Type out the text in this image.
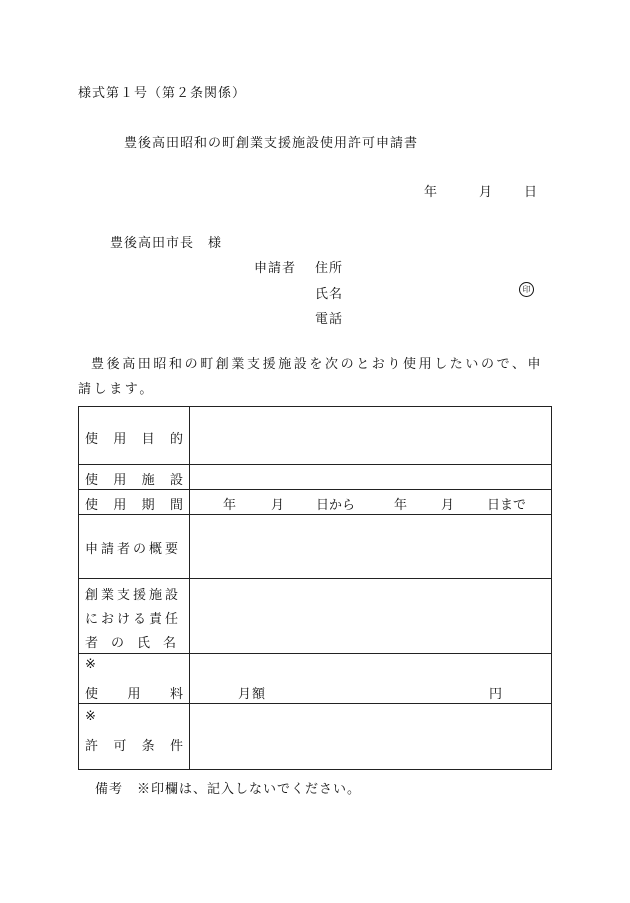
様式第１号（第２条関係）
豊後高田昭和の町創業支援施設使用許可申請書
年	月 日
豊後高田市長　様
申請者 住所
氏名	印
電話
豊後高田昭和の町創業支援施設を次のとおり使用したいので、申請します。
使 用 目 的
使 用 施 設
使 用 期 間	年	月 日から	年	月	日まで
申請者の概要
創業支援施設
における責任
者　の　氏　名
※
使 用 料	月額	円
※
許 可 条 件
備考　※印欄は、記入しないでください。
